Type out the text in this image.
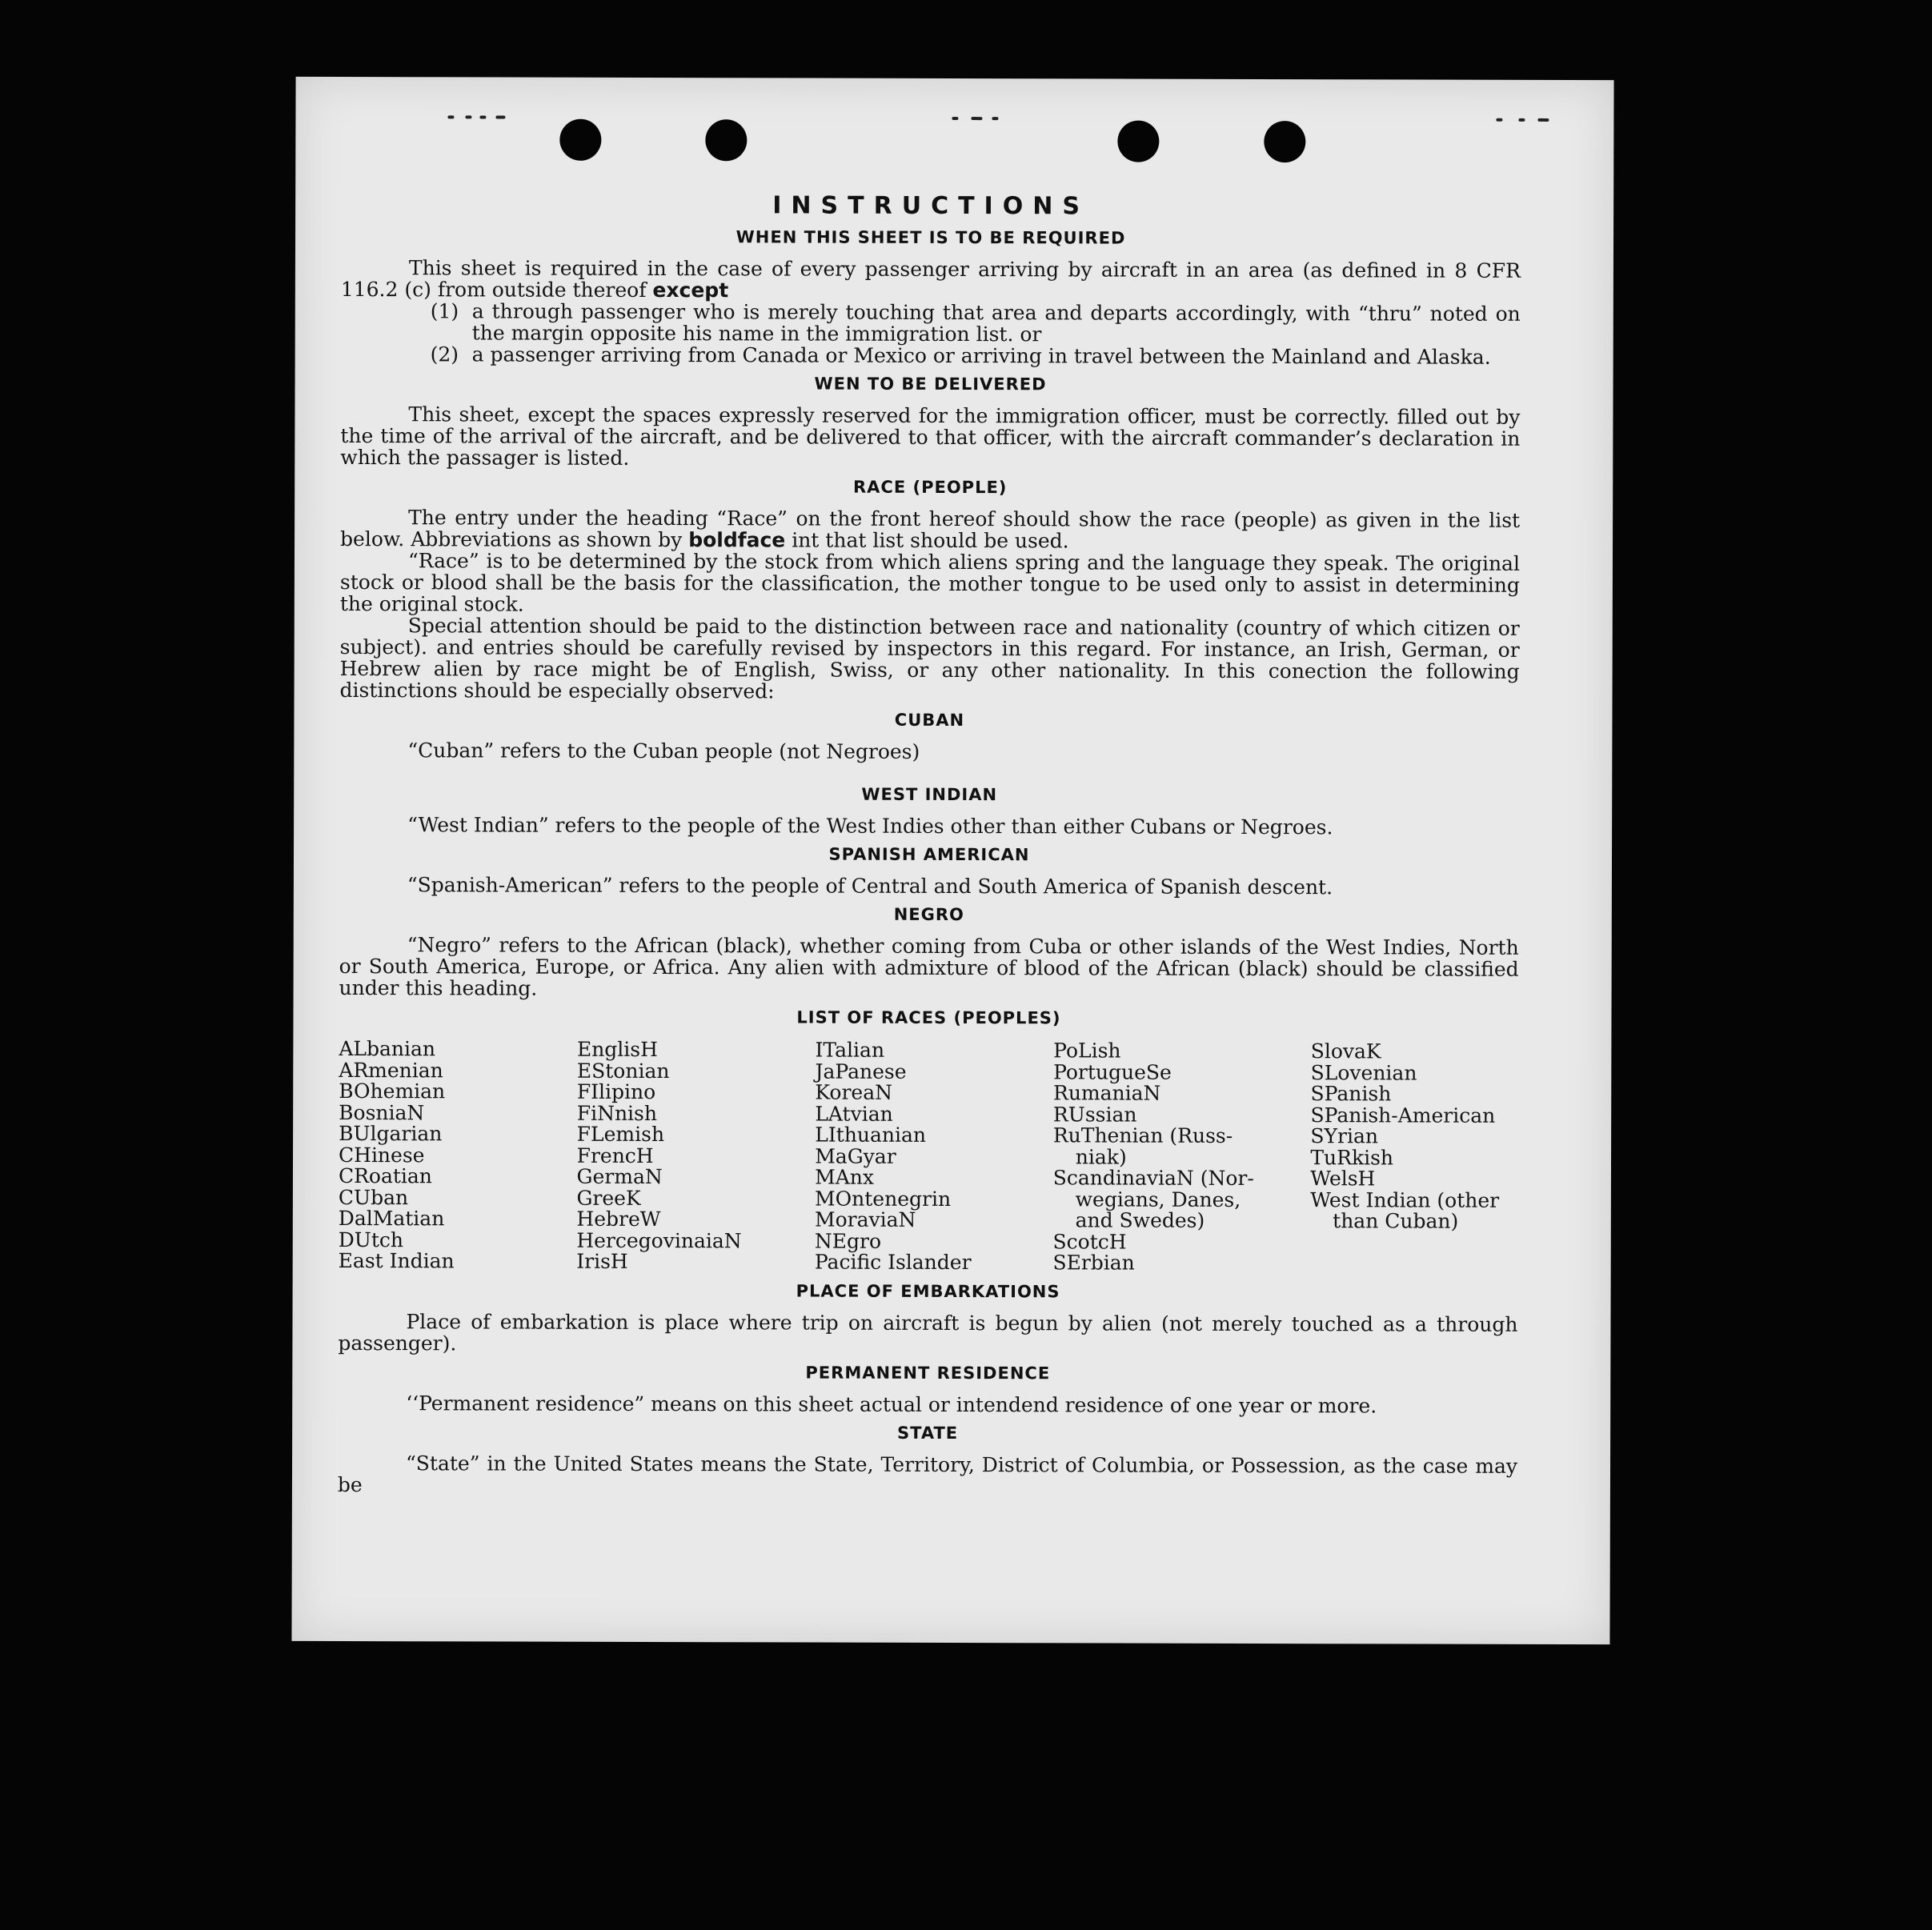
INSTRUCTIONS
WHEN THIS SHEET IS TO BE REQUIRED

This sheet is required in the case of every passenger arriving by aircraft in an area (as defined in 8 CFR 116.2 (c) from outside thereof except

(1) a through passenger who is merely touching that area and departs accordingly, with “thru” noted on the margin opposite his name in the immigration list. or
(2) a passenger arriving from Canada or Mexico or arriving in travel between the Mainland and Alaska.
WEN TO BE DELIVERED

This sheet, except the spaces expressly reserved for the immigration officer, must be correctly. filled out by the time of the arrival of the aircraft, and be delivered to that officer, with the aircraft commander’s declaration in which the passager is listed.

RACE (PEOPLE)

The entry under the heading “Race” on the front hereof should show the race (people) as given in the list below. Abbreviations as shown by boldface int that list should be used.

“Race” is to be determined by the stock from which aliens spring and the language they speak. The original stock or blood shall be the basis for the classification, the mother tongue to be used only to assist in determining the original stock.

Special attention should be paid to the distinction between race and nationality (country of which citizen or subject). and entries should be carefully revised by inspectors in this regard. For instance, an Irish, German, or Hebrew alien by race might be of English, Swiss, or any other nationality. In this conection the following distinctions should be especially observed:

CUBAN

“Cuban” refers to the Cuban people (not Negroes)

WEST INDIAN

“West Indian” refers to the people of the West Indies other than either Cubans or Negroes.

SPANISH AMERICAN

“Spanish-American” refers to the people of Central and South America of Spanish descent.

NEGRO

“Negro” refers to the African (black), whether coming from Cuba or other islands of the West Indies, North or South America, Europe, or Africa. Any alien with admixture of blood of the African (black) should be classified under this heading.

LIST OF RACES (PEOPLES)
ALbanian
ARmenian
BOhemian
BosniaN
BUlgarian
CHinese
CRoatian
CUban
DalMatian
DUtch
East Indian
EnglisH
EStonian
FIlipino
FiNnish
FLemish
FrencH
GermaN
GreeK
HebreW
HercegovinaiaN
IrisH
ITalian
JaPanese
KoreaN
LAtvian
LIthuanian
MaGyar
MAnx
MOntenegrin
MoraviaN
NEgro
Pacific Islander
PoLish
PortugueSe
RumaniaN
RUssian
RuThenian (Russ-
niak)
ScandinaviaN (Nor-
wegians, Danes,
and Swedes)
ScotcH
SErbian
SlovaK
SLovenian
SPanish
SPanish-American
SYrian
TuRkish
WelsH
West Indian (other
than Cuban)
PLACE OF EMBARKATIONS

Place of embarkation is place where trip on aircraft is begun by alien (not merely touched as a through passenger).

PERMANENT RESIDENCE

‘‘Permanent residence” means on this sheet actual or intendend residence of one year or more.

STATE

“State” in the United States means the State, Territory, District of Columbia, or Possession, as the case may be
